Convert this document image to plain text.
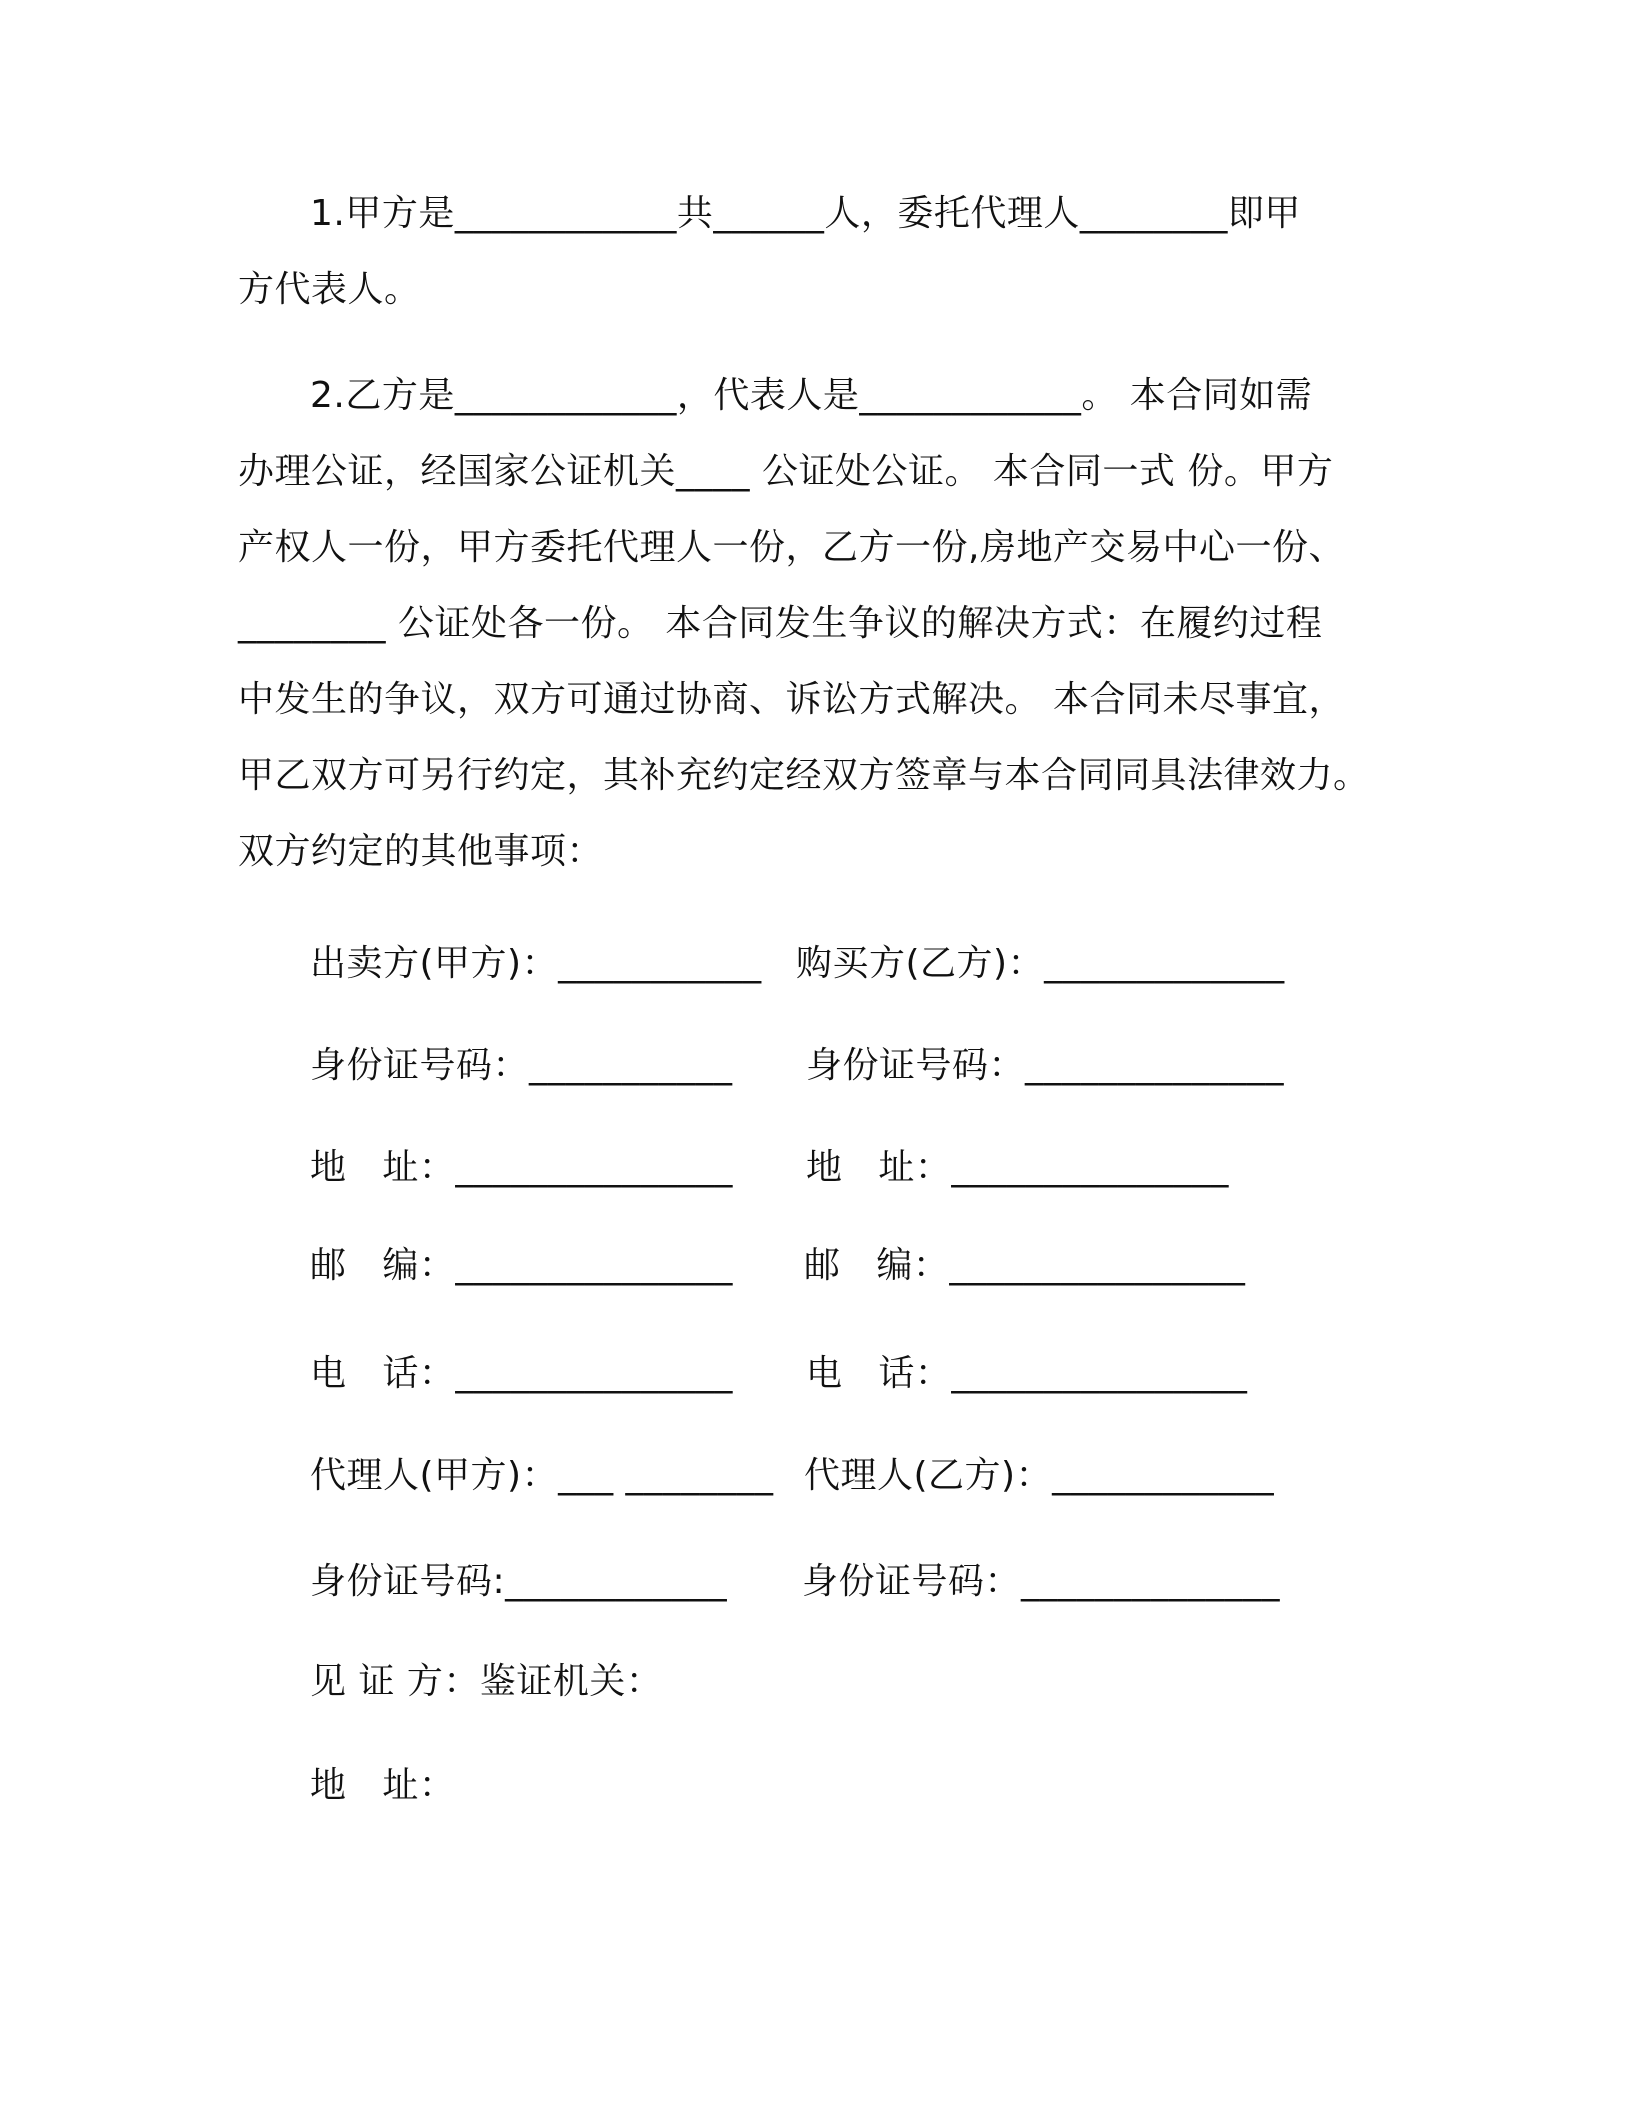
1.甲方是____________共______人，委托代理人________即甲
方代表人。
2.乙方是____________，代表人是____________。 本合同如需
办理公证，经国家公证机关____ 公证处公证。 本合同一式 份。甲方
产权人一份，甲方委托代理人一份，乙方一份,房地产交易中心一份、
________ 公证处各一份。 本合同发生争议的解决方式：在履约过程
中发生的争议，双方可通过协商、诉讼方式解决。 本合同未尽事宜，
甲乙双方可另行约定，其补充约定经双方签章与本合同同具法律效力。
双方约定的其他事项：
出卖方(甲方)：___________ 购买方(乙方)：_____________
身份证号码：___________ 身份证号码：______________
地   址：_______________ 地   址：_______________
邮   编：_______________ 邮   编：________________
电   话：_______________ 电   话：________________
代理人(甲方)：___ ________ 代理人(乙方)：____________
身份证号码:____________ 身份证号码：______________
见 证 方：鉴证机关：
地   址：
